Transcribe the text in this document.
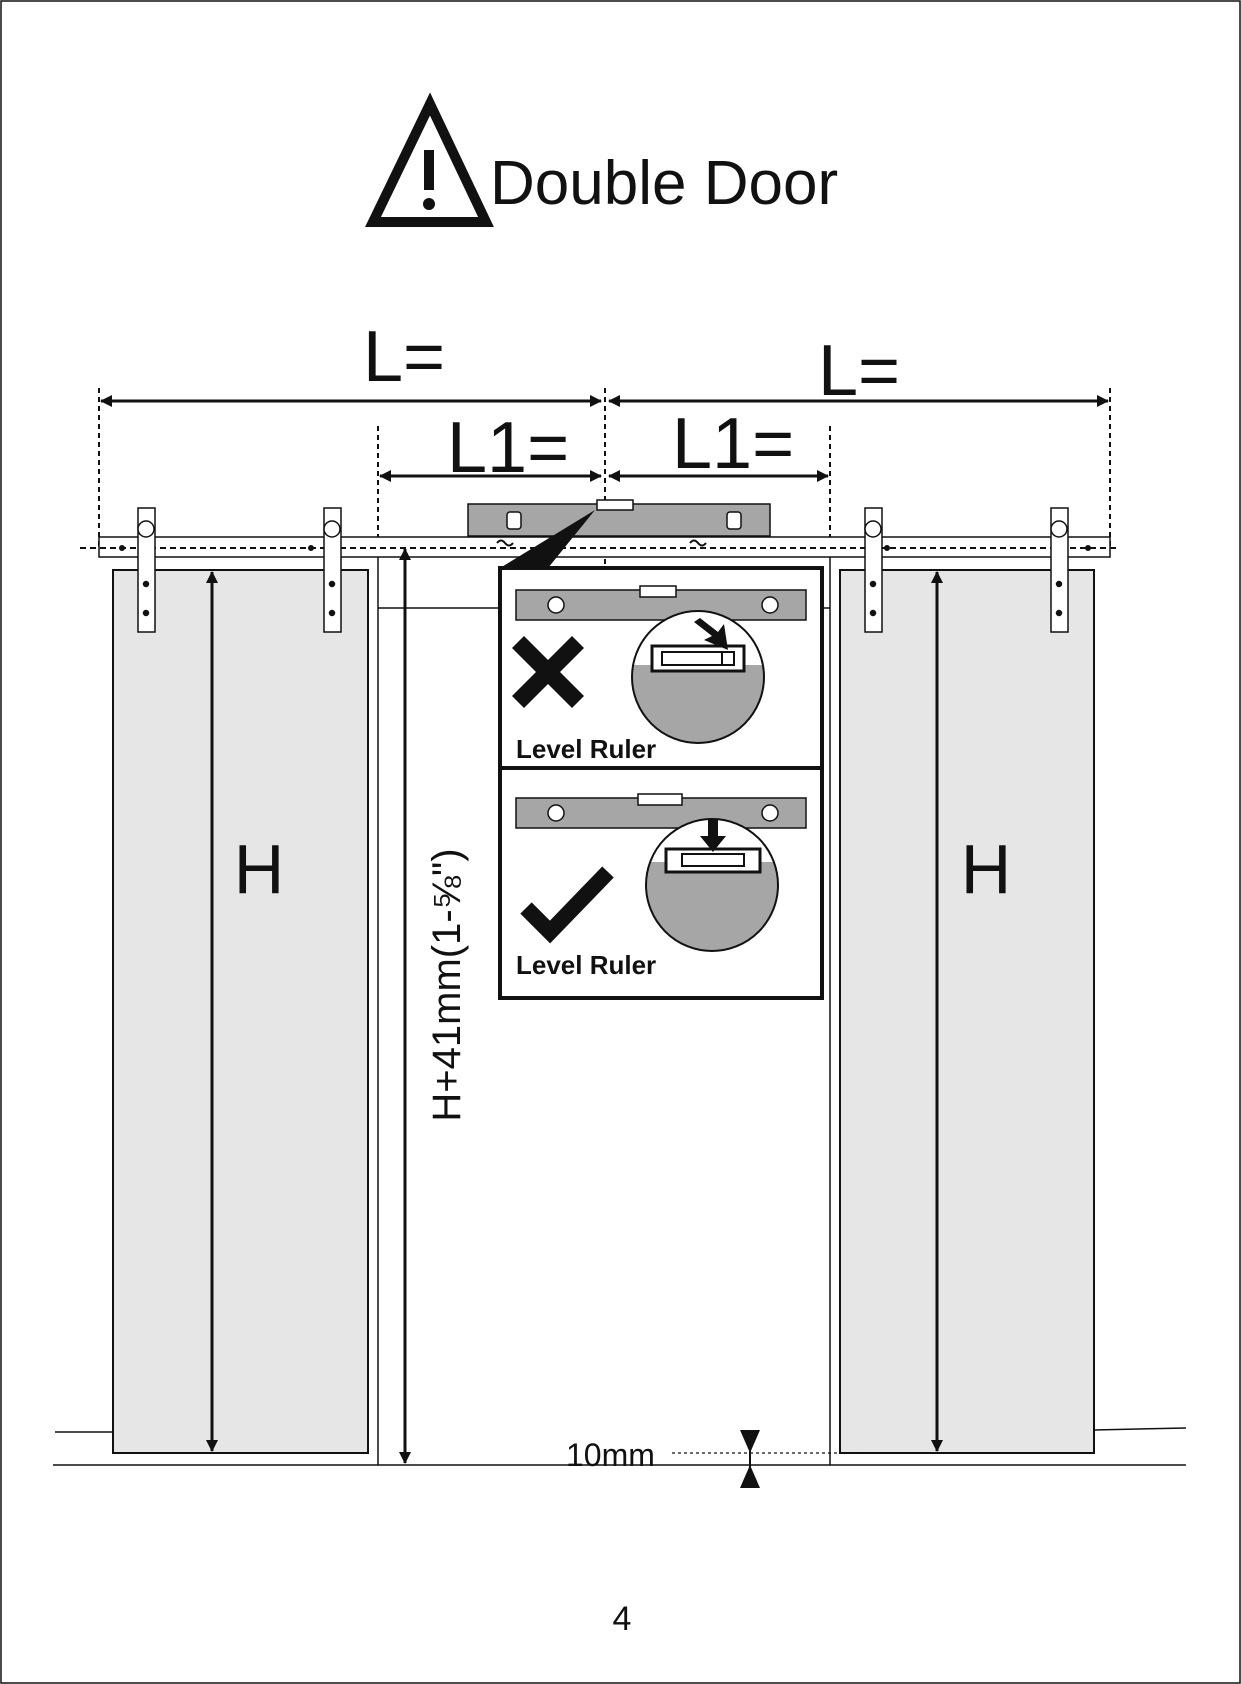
Double Door
L=	L=
L1= L1=
H	H
H+41mm(1-⅝")
Level Ruler
Level Ruler
10mm
4
